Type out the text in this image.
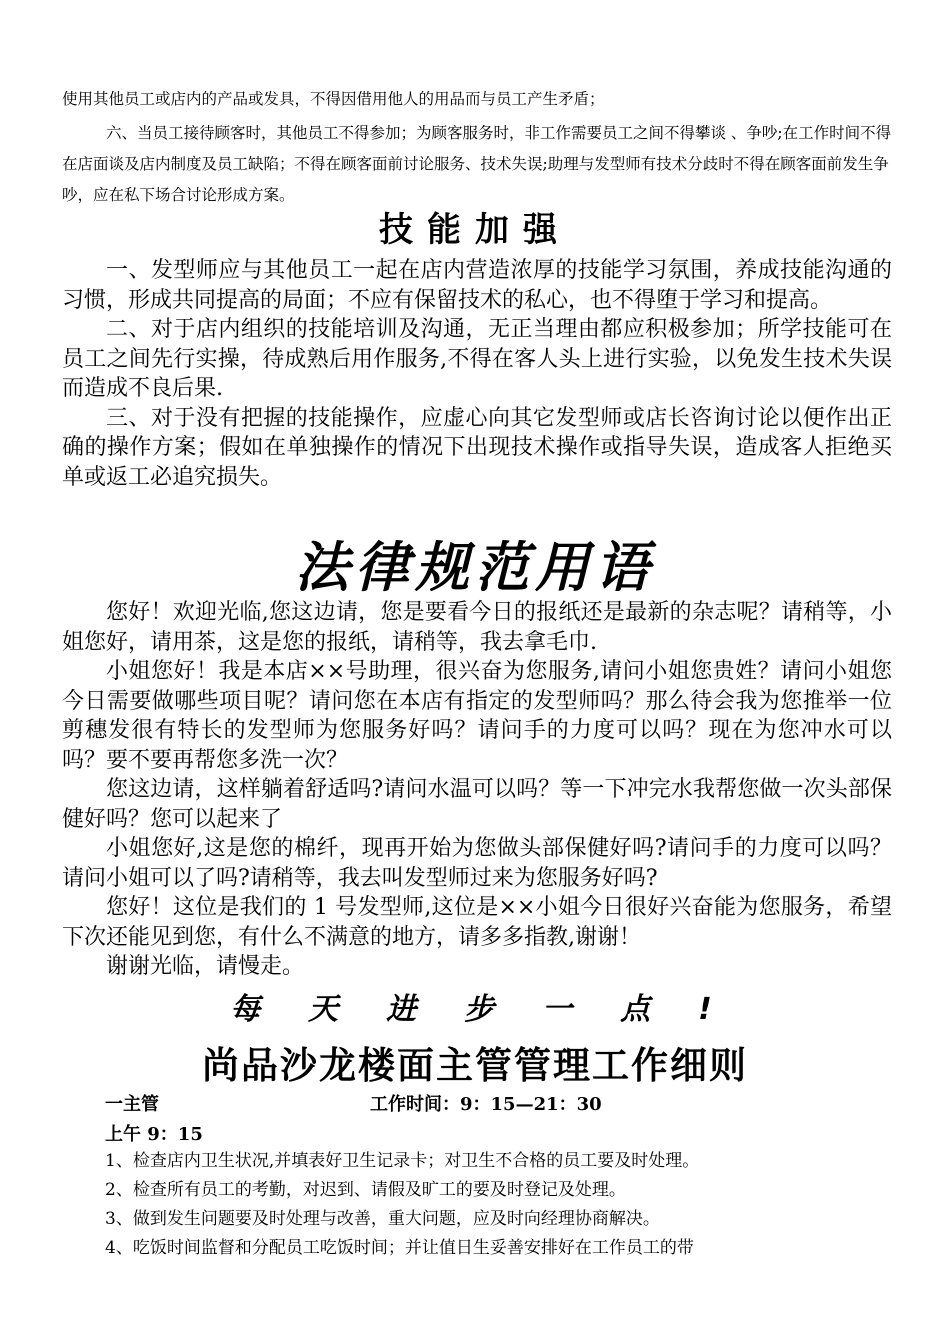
使用其他员工或店内的产品或发具，不得因借用他人的用品而与员工产生矛盾；

六、当员工接待顾客时，其他员工不得参加；为顾客服务时，非工作需要员工之间不得攀谈 、争吵;在工作时间不得在店面谈及店内制度及员工缺陷；不得在顾客面前讨论服务、技术失误;助理与发型师有技术分歧时不得在顾客面前发生争吵，应在私下场合讨论形成方案。

技能加强

一、发型师应与其他员工一起在店内营造浓厚的技能学习氛围，养成技能沟通的习惯，形成共同提高的局面；不应有保留技术的私心，也不得堕于学习和提高。

二、对于店内组织的技能培训及沟通，无正当理由都应积极参加；所学技能可在员工之间先行实操，待成熟后用作服务,不得在客人头上进行实验，以免发生技术失误而造成不良后果.

三、对于没有把握的技能操作，应虚心向其它发型师或店长咨询讨论以便作出正确的操作方案；假如在单独操作的情况下出现技术操作或指导失误，造成客人拒绝买单或返工必追究损失。

法律规范用语

您好！欢迎光临,您这边请，您是要看今日的报纸还是最新的杂志呢？请稍等，小姐您好，请用茶，这是您的报纸，请稍等，我去拿毛巾.

小姐您好！我是本店××号助理，很兴奋为您服务,请问小姐您贵姓？请问小姐您今日需要做哪些项目呢？请问您在本店有指定的发型师吗？那么待会我为您推举一位剪穗发很有特长的发型师为您服务好吗？请问手的力度可以吗？现在为您冲水可以吗？要不要再帮您多洗一次？

您这边请，这样躺着舒适吗?请问水温可以吗？等一下冲完水我帮您做一次头部保健好吗？您可以起来了

小姐您好,这是您的棉纤，现再开始为您做头部保健好吗?请问手的力度可以吗？请问小姐可以了吗?请稍等，我去叫发型师过来为您服务好吗?

您好！这位是我们的 1 号发型师,这位是××小姐今日很好兴奋能为您服务，希望下次还能见到您，有什么不满意的地方，请多多指教,谢谢！

谢谢光临，请慢走。

每天进步一点!

尚品沙龙楼面主管管理工作细则
一主管	工作时间：9：15—21：30
上午 9：15
1、检查店内卫生状况,并填表好卫生记录卡；对卫生不合格的员工要及时处理。
2、检查所有员工的考勤，对迟到、请假及旷工的要及时登记及处理。
3、做到发生问题要及时处理与改善，重大问题，应及时向经理协商解决。
4、吃饭时间监督和分配员工吃饭时间；并让值日生妥善安排好在工作员工的带
